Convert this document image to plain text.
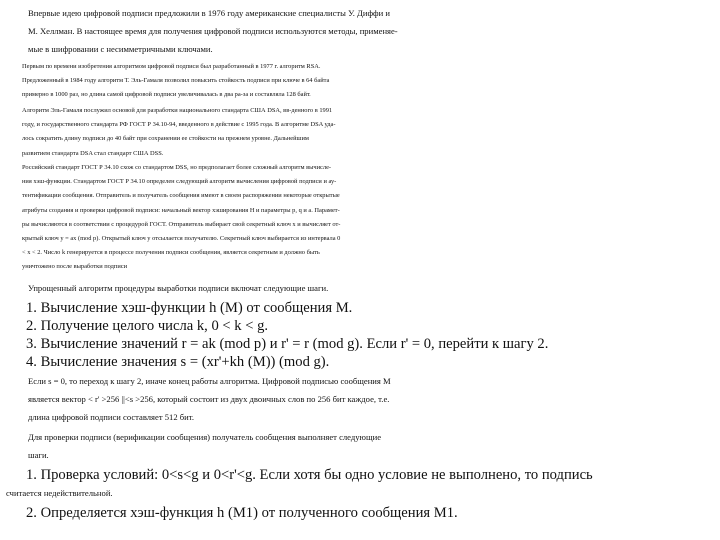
Впервые идею цифровой подписи предложили в 1976 году американские специалисты У. Диффи и
М. Хеллман. В настоящее время для получения цифровой подписи используются методы, применяе-
мые в шифровании с несимметричными ключами.
Первым по времени изобретения алгоритмом цифровой подписи был разработанный в 1977 г. алгоритм RSA.
Предложенный в 1984 году алгоритм Т. Эль-Гамаля позволил повысить стойкость подписи при ключе в 64 байта
примерно в 1000 раз, но длина самой цифровой подписи увеличивалась в два ра-за и составляла 128 байт.
Алгоритм Эль-Гамаля послужил основой для разработки национального стандарта США DSA, вв-денного в 1991
году, и государственного стандарта РФ ГОСТ Р 34.10-94, введенного в действие с 1995 года. В алгоритме DSA уда-
лось сократить длину подписи до 40 байт при сохранении ее стойкости на прежнем уровне. Дальнейшим
развитием стандарта DSA стал стандарт США DSS.
Российский стандарт ГОСТ Р 34.10 схож со стандартом DSS, но предполагает более сложный алгоритм вычисле-
ния хэш-функции. Стандартом ГОСТ Р 34.10 определен следующий алгоритм вычисления цифровой подписи и ау-
тентификации сообщения. Отправитель и получатель сообщения имеют в своем распоряжении некоторые открытые
атрибуты создания и проверки цифровой подписи: начальный вектор хэширования H и параметры p, q и a. Парамет-
ры вычисляются в соответствии с процедурой ГОСТ. Отправитель выбирает свой секретный ключ x и вычисляет от-
крытый ключ y = ax (mod p). Открытый ключ y отсылается получателю. Секретный ключ выбирается из интервала 0
< x < 2. Число k генерируется в процессе получения подписи сообщения, является секретным и должно быть
уничтожено после выработки подписи
Упрощенный алгоритм процедуры выработки подписи включат следующие шаги.
1. Вычисление хэш-функции h (M) от сообщения M.
2. Получение целого числа k, 0 < k < g.
3. Вычисление значений r = ak (mod p) и r' = r (mod g). Если r' = 0, перейти к шагу 2.
4. Вычисление значения s = (xr'+kh (M)) (mod g).
Если s = 0, то переход к шагу 2, иначе конец работы алгоритма. Цифровой подписью сообщения M
является вектор < r' >256 ||<s >256, который состоит из двух двоичных слов по 256 бит каждое, т.е.
длина цифровой подписи составляет 512 бит.
Для проверки подписи (верификации сообщения) получатель сообщения выполняет следующие
шаги.
1. Проверка условий: 0<s<g и 0<r'<g. Если хотя бы одно условие не выполнено, то подпись
считается недействительной.
2. Определяется хэш-функция h (M1) от полученного сообщения M1.
